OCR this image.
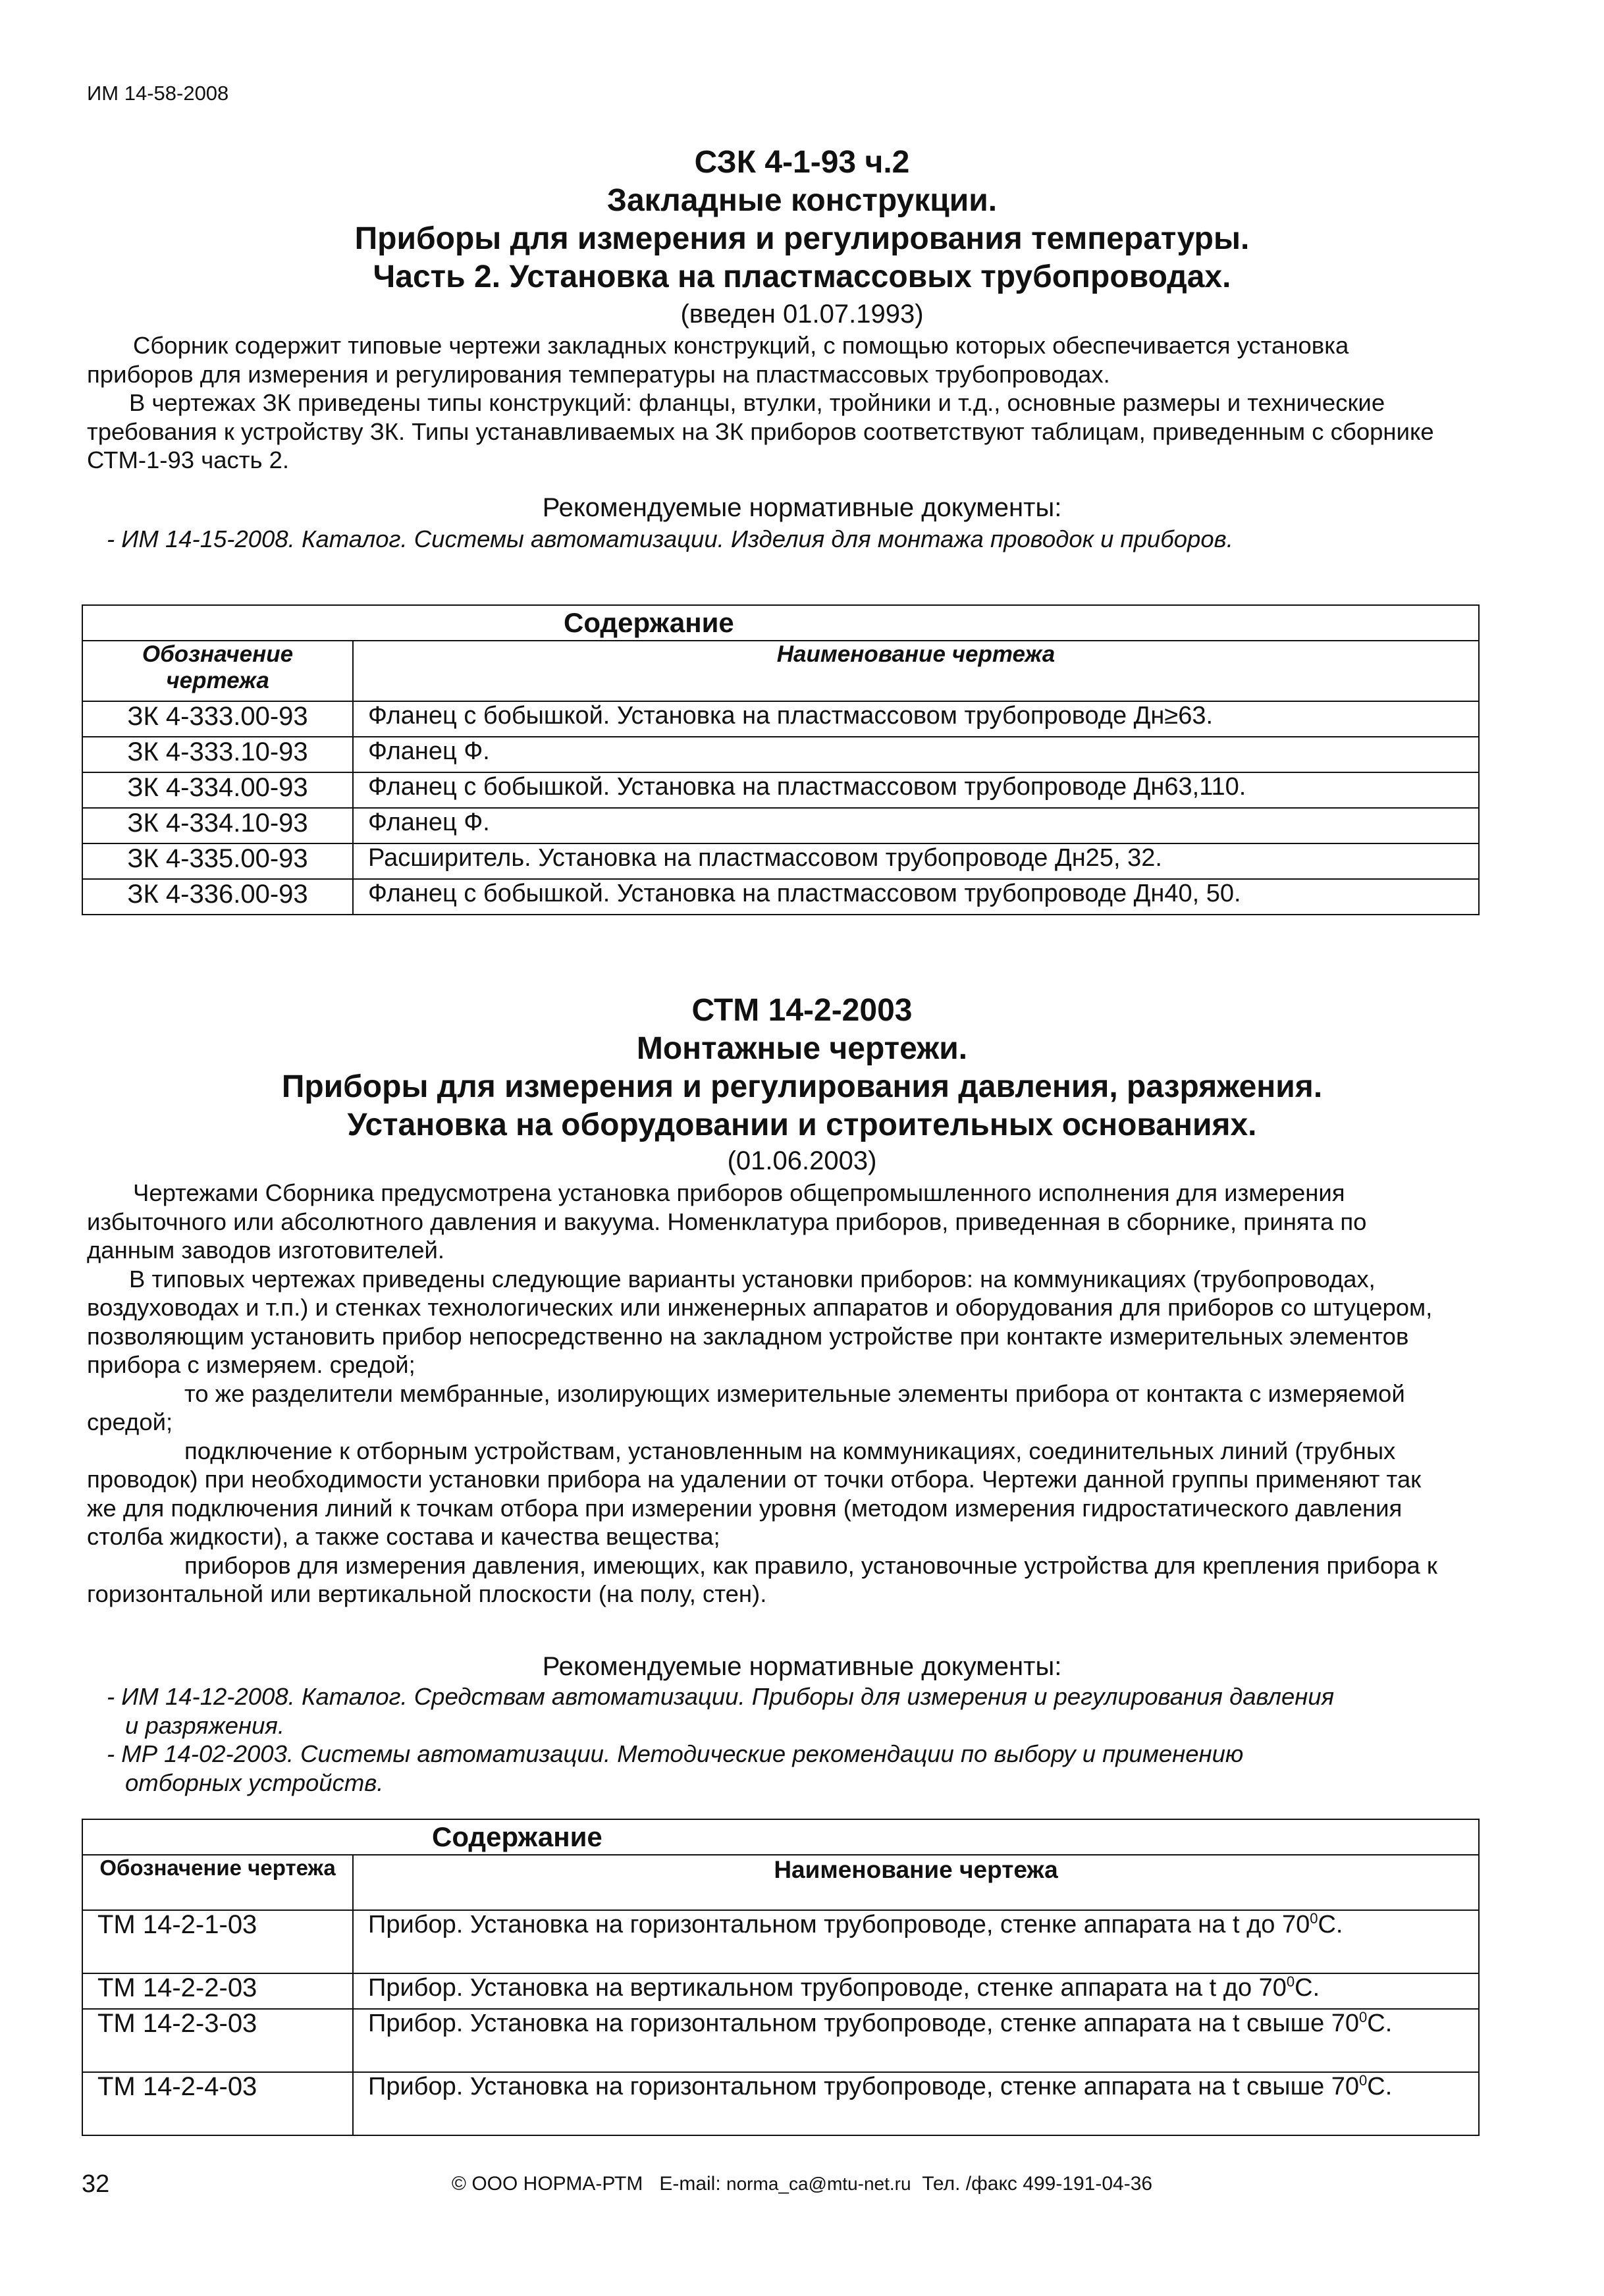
ИМ 14-58-2008
СЗК 4-1-93 ч.2
Закладные конструкции.
Приборы для измерения и регулирования температуры.
Часть 2. Установка на пластмассовых трубопроводах.
(введен 01.07.1993)

Сборник содержит типовые чертежи закладных конструкций, с помощью которых обеспечивается установка приборов для измерения и регулирования температуры на пластмассовых трубопроводах.

В чертежах ЗК приведены типы конструкций: фланцы, втулки, тройники и т.д., основные размеры и технические требования к устройству ЗК. Типы устанавливаемых на ЗК приборов соответствуют таблицам, приведенным с сборнике СТМ-1-93 часть 2.

Рекомендуемые нормативные документы:

- ИМ 14-15-2008. Каталог. Системы автоматизации. Изделия для монтажа проводок и приборов.

	Содержание
Обозначение чертежа	Наименование чертежа
ЗК 4-333.00-93	Фланец с бобышкой. Установка на пластмассовом трубопроводе Дн≥63.
ЗК 4-333.10-93	Фланец Ф.
ЗК 4-334.00-93	Фланец с бобышкой. Установка на пластмассовом трубопроводе Дн63,110.
ЗК 4-334.10-93	Фланец Ф.
ЗК 4-335.00-93	Расширитель. Установка на пластмассовом трубопроводе Дн25, 32.
ЗК 4-336.00-93	Фланец с бобышкой. Установка на пластмассовом трубопроводе Дн40, 50.
СТМ 14-2-2003
Монтажные чертежи.
Приборы для измерения и регулирования давления, разряжения.
Установка на оборудовании и строительных основаниях.
(01.06.2003)

Чертежами Сборника предусмотрена установка приборов общепромышленного исполнения для измерения избыточного или абсолютного давления и вакуума. Номенклатура приборов, приведенная в сборнике, принята по данным заводов изготовителей.

В типовых чертежах приведены следующие варианты установки приборов: на коммуникациях (трубопроводах, воздуховодах и т.п.) и стенках технологических или инженерных аппаратов и оборудования для приборов со штуцером, позволяющим установить прибор непосредственно на закладном устройстве при контакте измерительных элементов прибора с измеряем. средой;

то же разделители мембранные, изолирующих измерительные элементы прибора от контакта с измеряемой средой;

подключение к отборным устройствам, установленным на коммуникациях, соединительных линий (трубных проводок) при необходимости установки прибора на удалении от точки отбора. Чертежи данной группы применяют так же для подключения линий к точкам отбора при измерении уровня (методом измерения гидростатического давления столба жидкости), а также состава и качества вещества;

приборов для измерения давления, имеющих, как правило, установочные устройства для крепления прибора к горизонтальной или вертикальной плоскости (на полу, стен).

Рекомендуемые нормативные документы:

- ИМ 14-12-2008. Каталог. Средствам автоматизации. Приборы для измерения и регулирования давления и разряжения.

- МР 14-02-2003. Системы автоматизации. Методические рекомендации по выбору и применению отборных устройств.

	Содержание
Обозначение чертежа	Наименование чертежа
ТМ 14-2-1-03	Прибор. Установка на горизонтальном трубопроводе, стенке аппарата на t до $70^0С$.
ТМ 14-2-2-03	Прибор. Установка на вертикальном трубопроводе, стенке аппарата на t до $70^0С$.
ТМ 14-2-3-03	Прибор. Установка на горизонтальном трубопроводе, стенке аппарата на t свыше $70^0С$.
ТМ 14-2-4-03	Прибор. Установка на горизонтальном трубопроводе, стенке аппарата на t свыше $70^0С$.
32	© ООО НОРМА-РТМ E-mail: norma_ca@mtu-net.ru Тел. /факс 499-191-04-36
